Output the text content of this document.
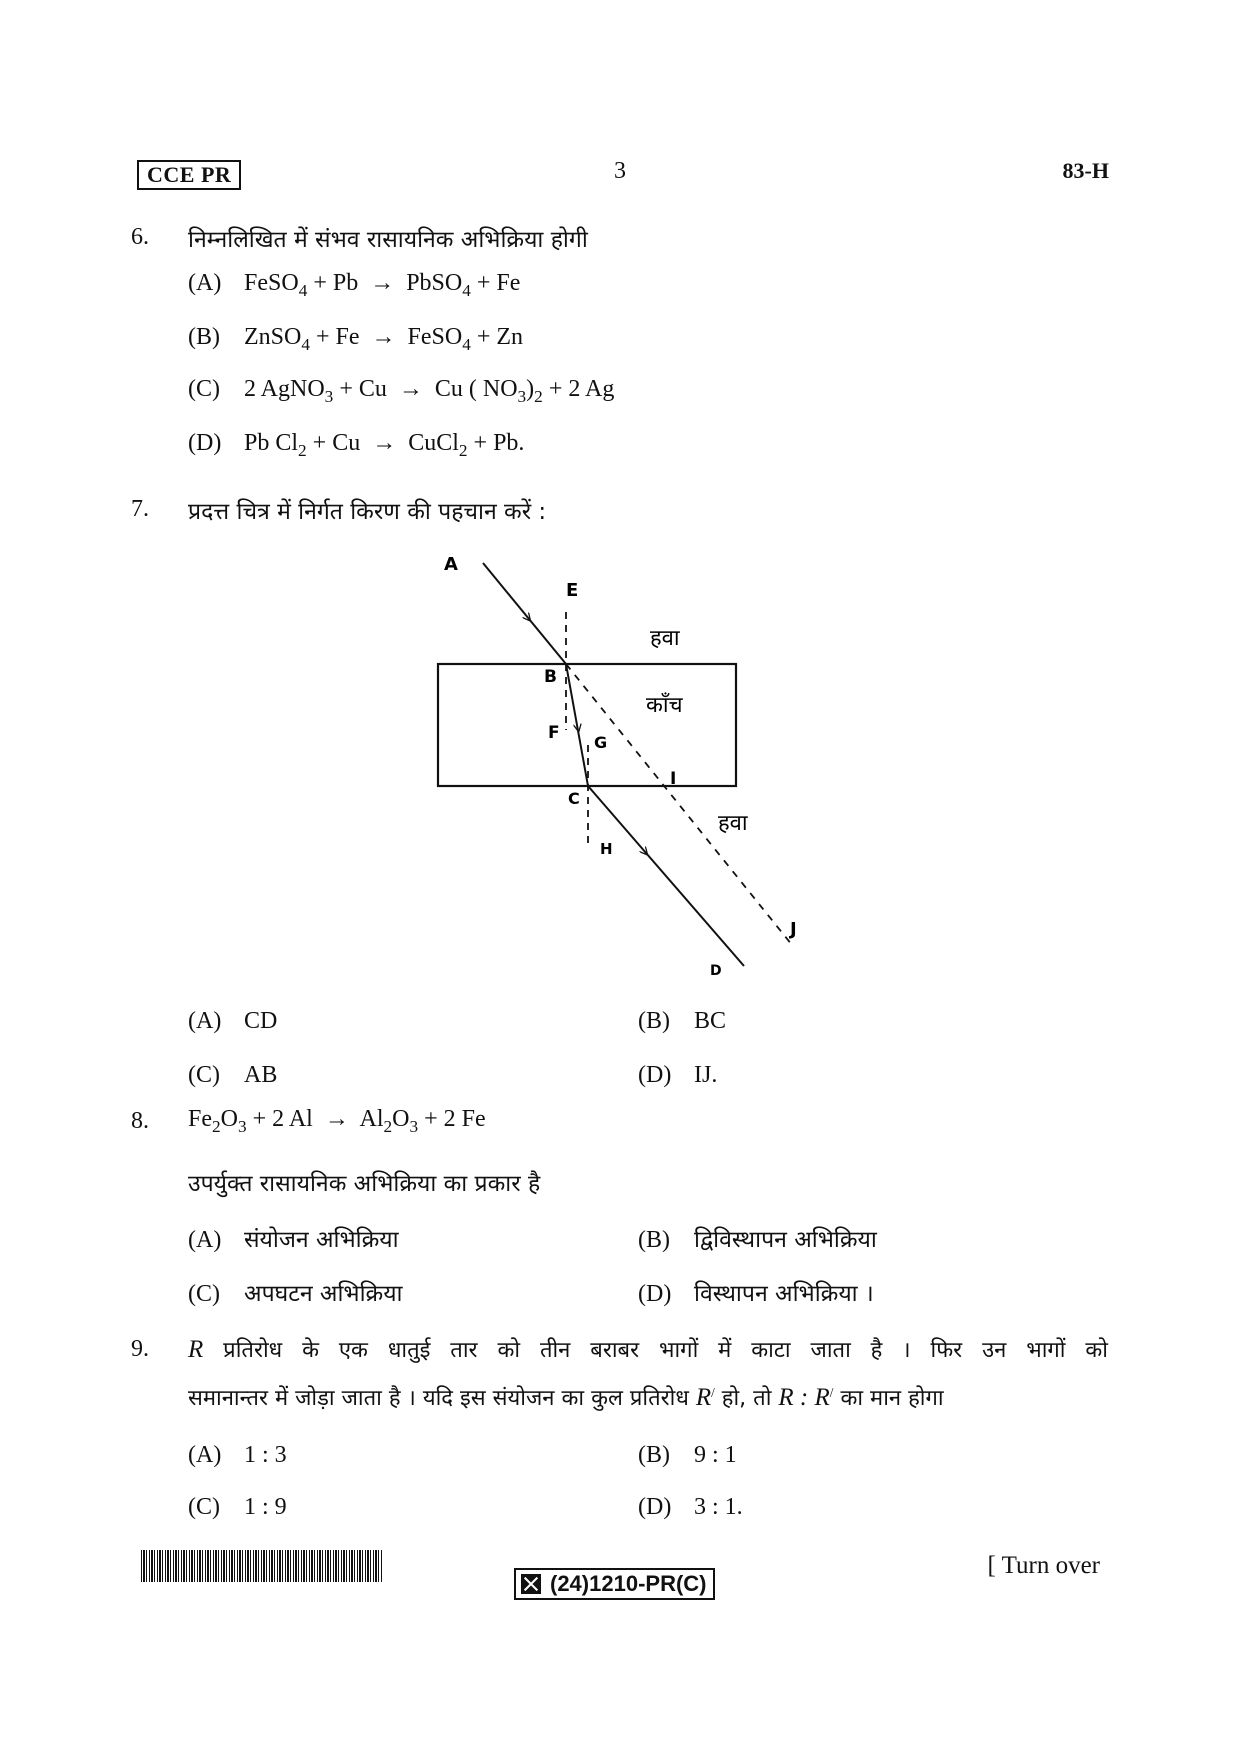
CCE PR	3	83-H
6. निम्नलिखित में संभव रासायनिक अभिक्रिया होगी
(A) FeSO$_4$ + Pb  →  PbSO$_4$ + Fe
(B) ZnSO$_4$ + Fe  →  FeSO$_4$ + Zn
(C) 2 AgNO$_3$ + Cu  →  Cu ( $NO_3)_2 + 2$ Ag
(D) Pb $Cl_2 + Cu$  →  CuCl$_2$ + Pb.
7. प्रदत्त चित्र में निर्गत किरण की पहचान करें :
A
E
B
F G
I
C
H
J
D
हवा
काँच
हवा
(A) CD	(B) BC
(C) AB	(D) IJ.
8. $Fe_2O_3 + 2$ $Al \to Al_2O_3 + 2$ Fe
उपर्युक्त रासायनिक अभिक्रिया का प्रकार है
(A) संयोजन अभिक्रिया	(B) द्विविस्थापन अभिक्रिया
(C) अपघटन अभिक्रिया	(D) विस्थापन अभिक्रिया ।
9. R प्रतिरोध के एक धातुई तार को तीन बराबर भागों में काटा जाता है । फिर उन भागों को
समानान्तर में जोड़ा जाता है । यदि इस संयोजन का कुल प्रतिरोध R/ हो, तो R : R/ का मान होगा
(A) 1 : 3	(B) 9 : 1
(C) 1 : 9	(D) 3 : 1.
(24)1210-PR(C)
[ Turn over
